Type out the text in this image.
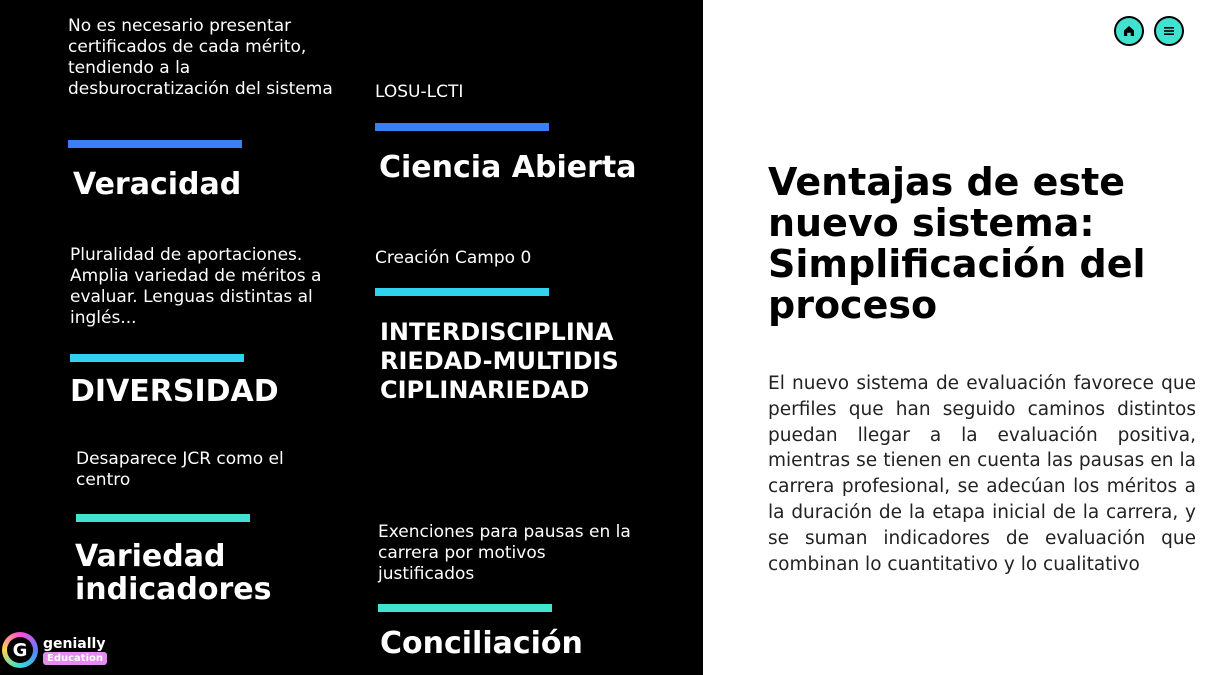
No es necesario presentar certificados de cada mérito, tendiendo a la desburocratización del sistema
Veracidad
Pluralidad de aportaciones. Amplia variedad de méritos a evaluar. Lenguas distintas al inglés...
DIVERSIDAD
Desaparece JCR como el centro
Variedad indicadores
LOSU-LCTI
Ciencia Abierta
Creación Campo 0
INTERDISCIPLINARIEDAD-MULTIDISCIPLINARIEDAD
Exenciones para pausas en la carrera por motivos justificados
Conciliación
G	genially
Education
Ventajas de este nuevo sistema: Simplificación del proceso
El nuevo sistema de evaluación favorece que perfiles que han seguido caminos distintos puedan llegar a la evaluación positiva, mientras se tienen en cuenta las pausas en la carrera profesional, se adecúan los méritos a la duración de la etapa inicial de la carrera, y se suman indicadores de evaluación que combinan lo cuantitativo y lo cualitativo
